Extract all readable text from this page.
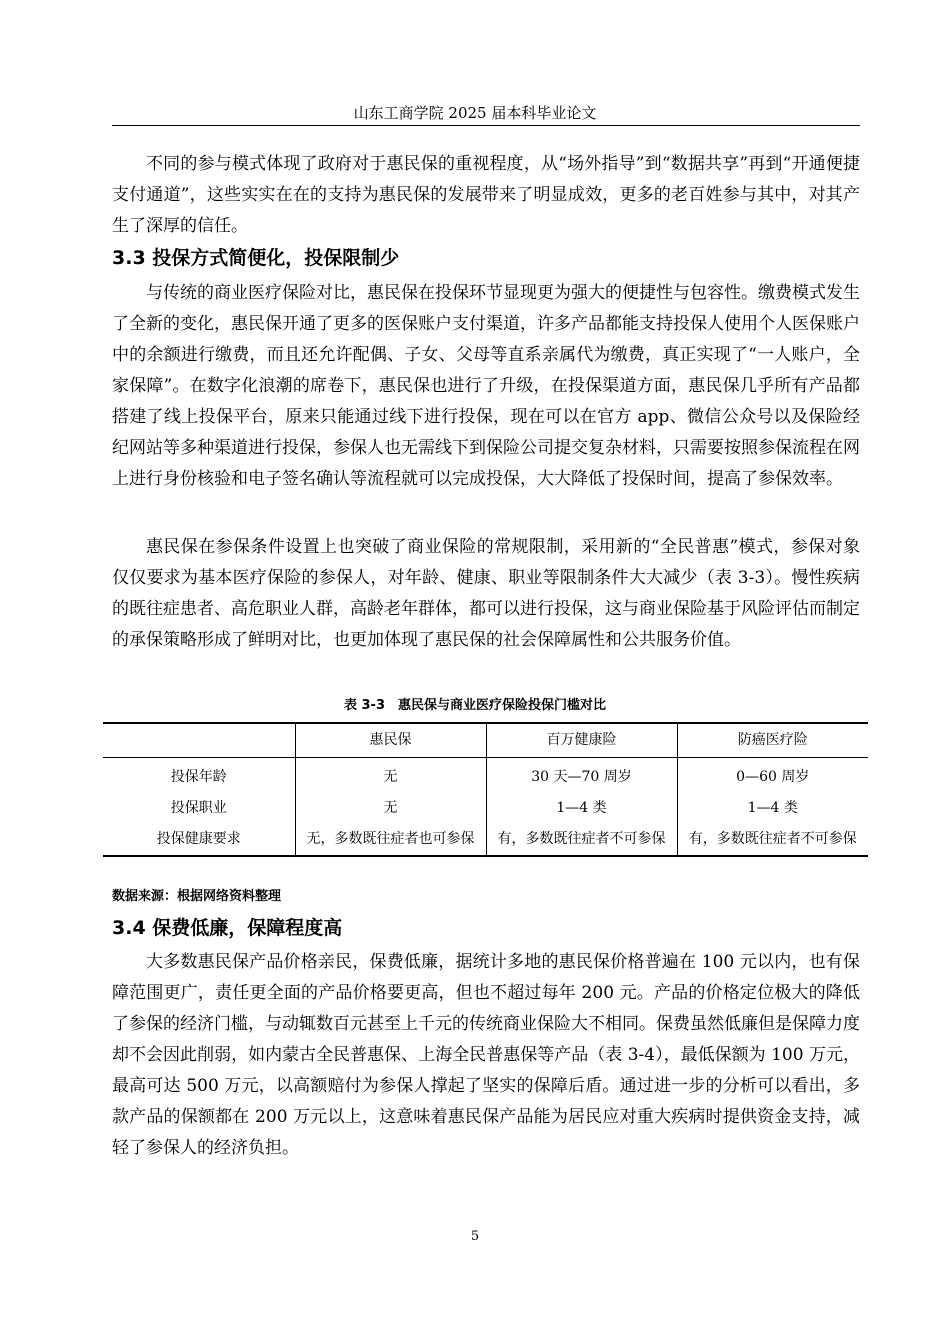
山东工商学院 2025 届本科毕业论文

不同的参与模式体现了政府对于惠民保的重视程度，从“场外指导”到“数据共享”再到“开通便捷支付通道”，这些实实在在的支持为惠民保的发展带来了明显成效，更多的老百姓参与其中，对其产生了深厚的信任。

3.3 投保方式简便化，投保限制少

与传统的商业医疗保险对比，惠民保在投保环节显现更为强大的便捷性与包容性。缴费模式发生了全新的变化，惠民保开通了更多的医保账户支付渠道，许多产品都能支持投保人使用个人医保账户中的余额进行缴费，而且还允许配偶、子女、父母等直系亲属代为缴费，真正实现了“一人账户，全家保障”。在数字化浪潮的席卷下，惠民保也进行了升级，在投保渠道方面，惠民保几乎所有产品都搭建了线上投保平台，原来只能通过线下进行投保，现在可以在官方 app、微信公众号以及保险经纪网站等多种渠道进行投保，参保人也无需线下到保险公司提交复杂材料，只需要按照参保流程在网上进行身份核验和电子签名确认等流程就可以完成投保，大大降低了投保时间，提高了参保效率。

惠民保在参保条件设置上也突破了商业保险的常规限制，采用新的“全民普惠”模式，参保对象仅仅要求为基本医疗保险的参保人，对年龄、健康、职业等限制条件大大减少（表 3-3）。慢性疾病的既往症患者、高危职业人群，高龄老年群体，都可以进行投保，这与商业保险基于风险评估而制定的承保策略形成了鲜明对比，也更加体现了惠民保的社会保障属性和公共服务价值。

表 3-3　惠民保与商业医疗保险投保门槛对比
	惠民保	百万健康险	防癌医疗险
投保年龄	无	30 天—70 周岁	0—60 周岁
投保职业	无	1—4 类	1—4 类
投保健康要求	无，多数既往症者也可参保	有，多数既往症者不可参保	有，多数既往症者不可参保
数据来源：根据网络资料整理
3.4 保费低廉，保障程度高

大多数惠民保产品价格亲民，保费低廉，据统计多地的惠民保价格普遍在 100 元以内，也有保障范围更广，责任更全面的产品价格要更高，但也不超过每年 200 元。产品的价格定位极大的降低了参保的经济门槛，与动辄数百元甚至上千元的传统商业保险大不相同。保费虽然低廉但是保障力度却不会因此削弱，如内蒙古全民普惠保、上海全民普惠保等产品（表 3-4），最低保额为 100 万元，最高可达 500 万元，以高额赔付为参保人撑起了坚实的保障后盾。通过进一步的分析可以看出，多款产品的保额都在 200 万元以上，这意味着惠民保产品能为居民应对重大疾病时提供资金支持，减轻了参保人的经济负担。

5
